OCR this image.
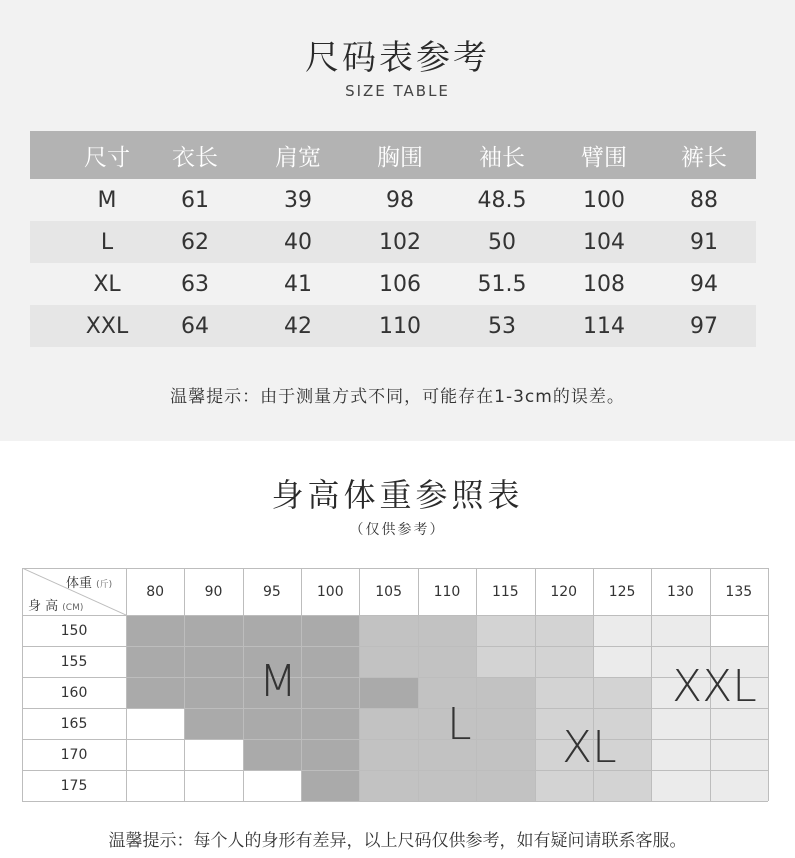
尺码表参考
SIZE TABLE
尺寸	衣长	肩宽	胸围	袖长	臂围	裤长
M	61	39	98	48.5	100	88
L	62	40	102	50	104	91
XL	63	41	106	51.5	108	94
XXL	64	42	110	53	114	97
温馨提示：由于测量方式不同，可能存在1-3cm的误差。
身高体重参照表
（仅供参考）
体重 (斤)
身 高 (CM)
80	90	95	100	105	110	115	120	125	130	135
150
155
160
165
170
175
M
L XL
XXL
温馨提示：每个人的身形有差异，以上尺码仅供参考，如有疑问请联系客服。
